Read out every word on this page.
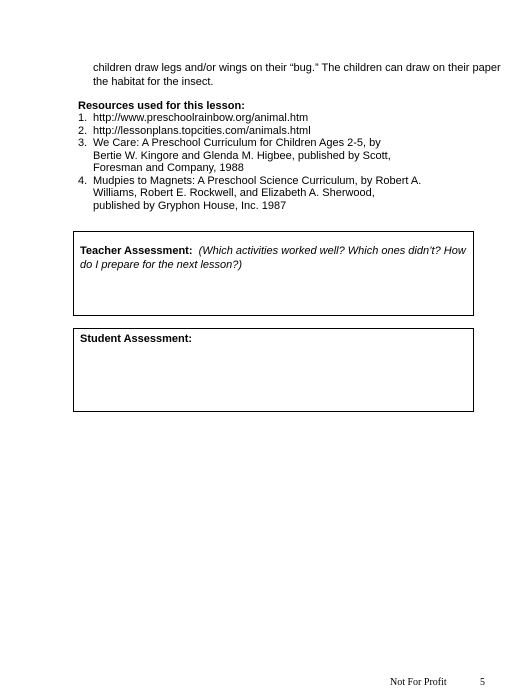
children draw legs and/or wings on their “bug.” The children can draw on their paper the habitat for the insect.
Resources used for this lesson:
1. http://www.preschoolrainbow.org/animal.htm
2. http://lessonplans.topcities.com/animals.html
3. We Care: A Preschool Curriculum for Children Ages 2-5, by Bertie W. Kingore and Glenda M. Higbee, published by Scott, Foresman and Company, 1988
4. Mudpies to Magnets: A Preschool Science Curriculum, by Robert A. Williams, Robert E. Rockwell, and Elizabeth A. Sherwood, published by Gryphon House, Inc. 1987
Teacher Assessment: (Which activities worked well? Which ones didn’t? How do I prepare for the next lesson?)
Student Assessment:
Not For Profit	5
